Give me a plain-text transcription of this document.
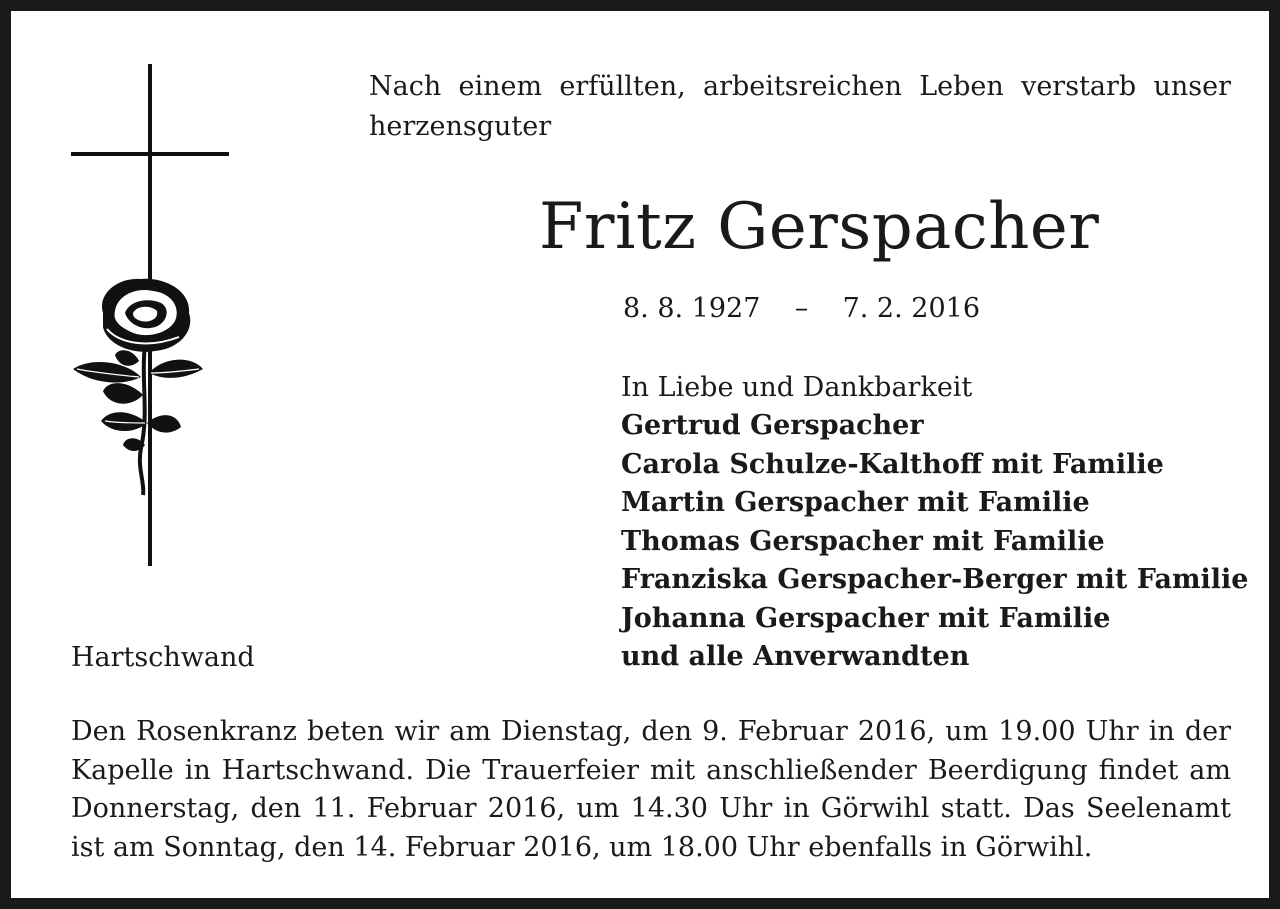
Nach einem erfüllten, arbeitsreichen Leben verstarb unser herzensguter
Fritz Gerspacher
8. 8. 1927 – 7. 2. 2016
In Liebe und Dankbarkeit
Gertrud Gerspacher
Carola Schulze-Kalthoff mit Familie
Martin Gerspacher mit Familie
Thomas Gerspacher mit Familie
Franziska Gerspacher-Berger mit Familie
Johanna Gerspacher mit Familie
und alle Anverwandten
Hartschwand
Den Rosenkranz beten wir am Dienstag, den 9. Februar 2016, um 19.00 Uhr in der Kapelle in Hartschwand. Die Trauerfeier mit anschließender Beerdigung findet am Donnerstag, den 11. Februar 2016, um 14.30 Uhr in Görwihl statt. Das Seelenamt ist am Sonntag, den 14. Februar 2016, um 18.00 Uhr ebenfalls in Görwihl.
